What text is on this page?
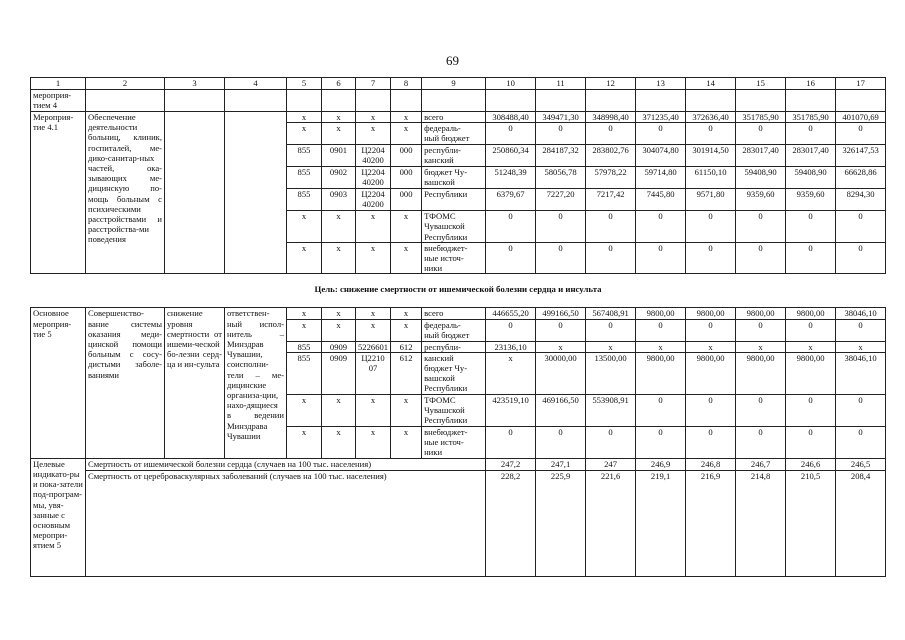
69
1	2	3	4	5	6	7	8	9	10	11	12	13	14	15	16	17
мероприя-
тием 4																
Мероприя-
тие 4.1	Обеспечение деятельности больниц, клиник, госпиталей, ме-дико-санитар-ных частей, ока-зывающих ме-дицинскую по-мощь больным с психическими расстройствами и расстройства-ми поведения			х	х	х	х	всего	308488,40	349471,30	348998,40	371235,40	372636,40	351785,90	351785,90	401070,69
				х	х	х	х	федераль-
ный бюджет	0	0	0	0	0	0	0	0
				855	0901	Ц2204
40200	000	республи-
канский	250860,34	284187,32	283802,76	304074,80	301914,50	283017,40	283017,40	326147,53
				855	0902	Ц2204
40200	000	бюджет Чу-
вашской	51248,39	58056,78	57978,22	59714,80	61150,10	59408,90	59408,90	66628,86
				855	0903	Ц2204
40200	000	Республики	6379,67	7227,20	7217,42	7445,80	9571,80	9359,60	9359,60	8294,30
				х	х	х	х	ТФОМС
Чувашской
Республики	0	0	0	0	0	0	0	0
				х	х	х	х	внебюджет-
ные источ-
ники	0	0	0	0	0	0	0	0

Цель: снижение смертности от ишемической болезни сердца и инсульта																

Основное мероприя-тие 5	Совершенство-вание системы оказания меди-цинской помощи больным с сосу-дистыми заболе-ваниями	снижение уровня смертности от ишеми-ческой бо-лезни серд-ца и ин-сульта	ответствен-ный испол-нитель – Минздрав Чувашии, соисполни-тели – ме-дицинские организа-ции, нахо-дящиеся в ведении Минздрава Чувашии	х	х	х	х	всего	446655,20	499166,50	567408,91	9800,00	9800,00	9800,00	9800,00	38046,10
				х	х	х	х	федераль-
ный бюджет	0	0	0	0	0	0	0	0
				855	0909	5226601	612	республи-	23136,10	х	х	х	х	х	х	х
				855	0909	Ц2210
07	612	канский
бюджет Чу-
вашской
Республики	х	30000,00	13500,00	9800,00	9800,00	9800,00	9800,00	38046,10
				х	х	х	х	ТФОМС
Чувашской
Республики	423519,10	469166,50	553908,91	0	0	0	0	0
				х	х	х	х	внебюджет-
ные источ-
ники	0	0	0	0	0	0	0	0
Целевые индикато-ры и пока-затели под-програм-мы, увя-занные с основным меропри-ятием 5	Смертность от ишемической болезни сердца (случаев на 100 тыс. населения)								247,2	247,1	247	246,9	246,8	246,7	246,6	246,5
	Смертность от цереброваскулярных заболеваний (случаев на 100 тыс. населения)								228,2	225,9	221,6	219,1	216,9	214,8	210,5	208,4
